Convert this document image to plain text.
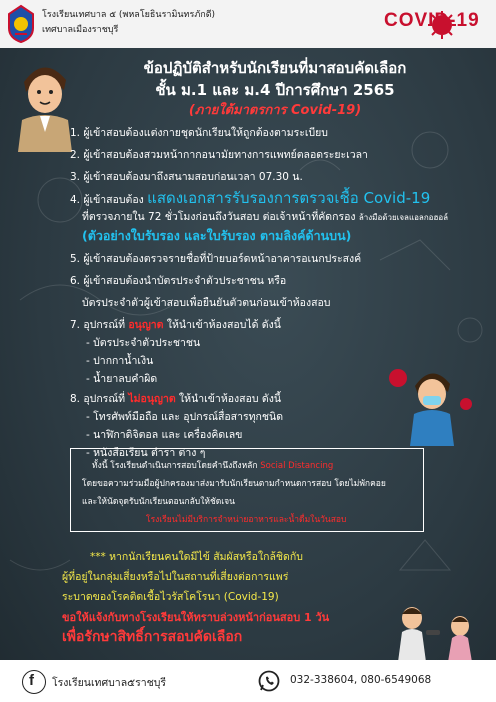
โรงเรียนเทศบาล ๕ (พหลโยธินรามินทรภักดี)
เทศบาลเมืองราชบุรี	COVID-19
ข้อปฏิบัติสำหรับนักเรียนที่มาสอบคัดเลือก
ชั้น ม.1 และ ม.4 ปีการศึกษา 2565
(ภายใต้มาตรการ Covid-19)
1. ผู้เข้าสอบต้องแต่งกายชุดนักเรียนให้ถูกต้องตามระเบียบ
2. ผู้เข้าสอบต้องสวมหน้ากากอนามัยทางการแพทย์ตลอดระยะเวลา
3. ผู้เข้าสอบต้องมาถึงสนามสอบก่อนเวลา 07.30 น.
4. ผู้เข้าสอบต้อง แสดงเอกสารรับรองการตรวจเชื้อ Covid-19
ที่ตรวจภายใน 72 ชั่วโมงก่อนถึงวันสอบ ต่อเจ้าหน้าที่คัดกรอง ล้างมือด้วยเจลแอลกอฮอล์
(ตัวอย่างใบรับรอง และใบรับรอง ตามลิงค์ด้านบน)
5. ผู้เข้าสอบต้องตรวจรายชื่อที่ป้ายบอร์ดหน้าอาคารอเนกประสงค์
6. ผู้เข้าสอบต้องนำบัตรประจำตัวประชาชน หรือ
บัตรประจำตัวผู้เข้าสอบเพื่อยืนยันตัวตนก่อนเข้าห้องสอบ
7. อุปกรณ์ที่ อนุญาต ให้นำเข้าห้องสอบได้ ดังนี้
- บัตรประจำตัวประชาชน
- ปากกาน้ำเงิน
- น้ำยาลบคำผิด
8. อุปกรณ์ที่ ไม่อนุญาต ให้นำเข้าห้องสอบ ดังนี้
- โทรศัพท์มือถือ และ อุปกรณ์สื่อสารทุกชนิด
- นาฬิกาดิจิตอล และ เครื่องคิดเลข
- หนังสือเรียน ตำรา ต่าง ๆ
ทั้งนี้ โรงเรียนดำเนินการสอบโดยคำนึงถึงหลัก Social Distancing
โดยขอความร่วมมือผู้ปกครองมาส่งมารับนักเรียนตามกำหนดการสอบ โดยไม่พักคอย
และให้นัดจุดรับนักเรียนตอนกลับให้ชัดเจน
โรงเรียนไม่มีบริการจำหน่ายอาหารและน้ำดื่มในวันสอบ
*** หากนักเรียนคนใดมีไข้ สัมผัสหรือใกล้ชิดกับ
ผู้ที่อยู่ในกลุ่มเสี่ยงหรือไปในสถานที่เสี่ยงต่อการแพร่
ระบาดของโรคติดเชื้อไวรัสโคโรนา (Covid-19)
ขอให้แจ้งกับทางโรงเรียนให้ทราบล่วงหน้าก่อนสอบ 1 วัน
เพื่อรักษาสิทธิ์การสอบคัดเลือก
f โรงเรียนเทศบาล๕ราชบุรี	032-338604, 080-6549068
